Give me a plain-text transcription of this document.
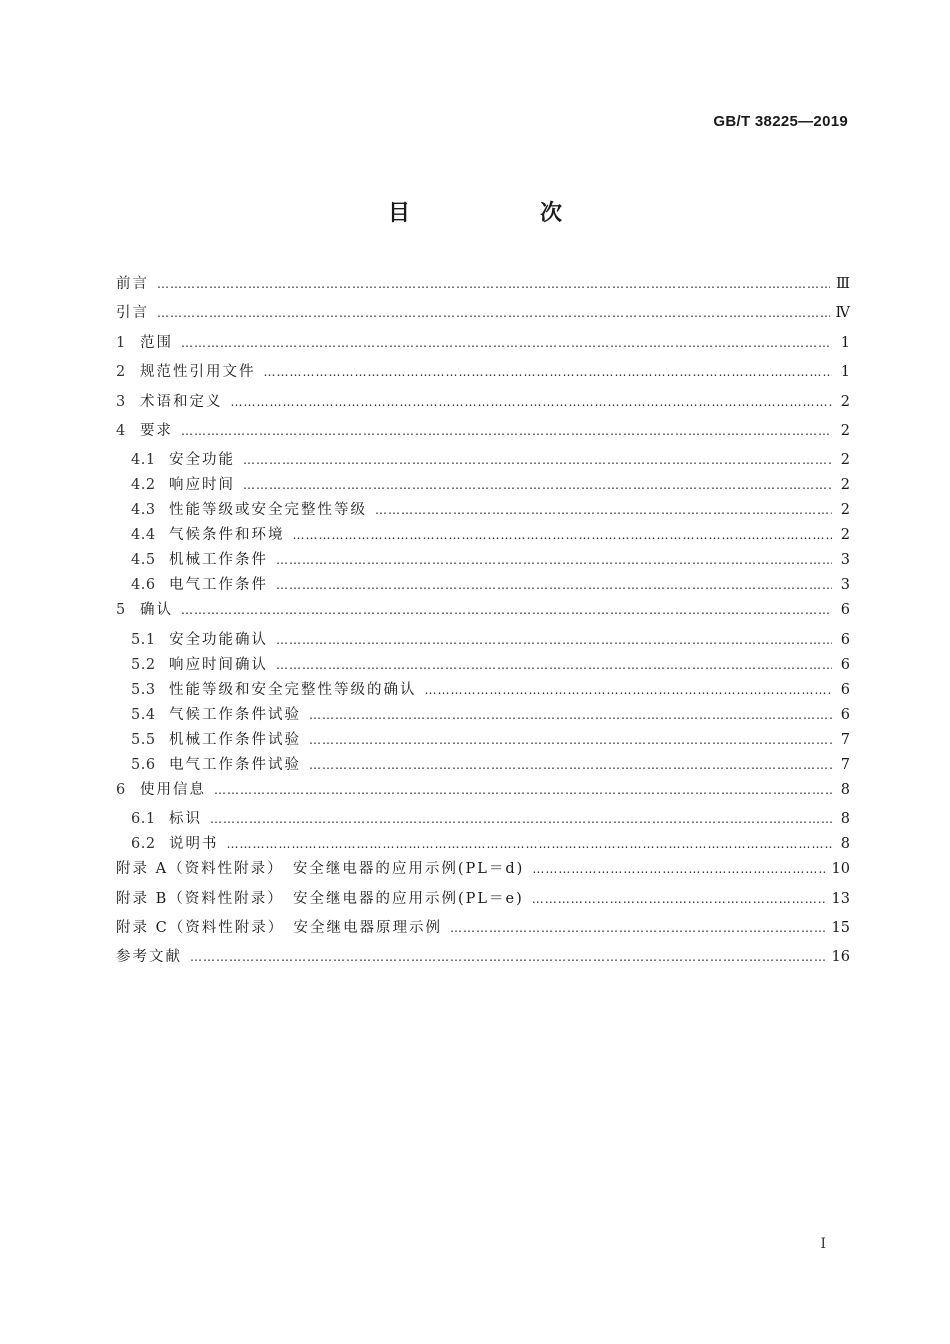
GB/T 38225—2019
目　次
前言 ……………………………………………………………………………………………………………………………………………………………………………………………………………………	Ⅲ
引言 ……………………………………………………………………………………………………………………………………………………………………………………………………………………	Ⅳ
1 范围 ……………………………………………………………………………………………………………………………………………………………………………………………………………………	1
2 规范性引用文件 ……………………………………………………………………………………………………………………………………………………………………………………………………………………	1
3 术语和定义 ……………………………………………………………………………………………………………………………………………………………………………………………………………………	2
4 要求 ……………………………………………………………………………………………………………………………………………………………………………………………………………………	2
4.1 安全功能 ……………………………………………………………………………………………………………………………………………………………………………………………………………………	2
4.2 响应时间 ……………………………………………………………………………………………………………………………………………………………………………………………………………………	2
4.3 性能等级或安全完整性等级 ……………………………………………………………………………………………………………………………………………………………………………………………………………………	2
4.4 气候条件和环境 ……………………………………………………………………………………………………………………………………………………………………………………………………………………	2
4.5 机械工作条件 ……………………………………………………………………………………………………………………………………………………………………………………………………………………	3
4.6 电气工作条件 ……………………………………………………………………………………………………………………………………………………………………………………………………………………	3
5 确认 ……………………………………………………………………………………………………………………………………………………………………………………………………………………	6
5.1 安全功能确认 ……………………………………………………………………………………………………………………………………………………………………………………………………………………	6
5.2 响应时间确认 ……………………………………………………………………………………………………………………………………………………………………………………………………………………	6
5.3 性能等级和安全完整性等级的确认 ……………………………………………………………………………………………………………………………………………………………………………………………………………………	6
5.4 气候工作条件试验 ……………………………………………………………………………………………………………………………………………………………………………………………………………………	6
5.5 机械工作条件试验 ……………………………………………………………………………………………………………………………………………………………………………………………………………………	7
5.6 电气工作条件试验 ……………………………………………………………………………………………………………………………………………………………………………………………………………………	7
6 使用信息 ……………………………………………………………………………………………………………………………………………………………………………………………………………………	8
6.1 标识 ……………………………………………………………………………………………………………………………………………………………………………………………………………………	8
6.2 说明书 ……………………………………………………………………………………………………………………………………………………………………………………………………………………	8
附录 A（资料性附录）　安全继电器的应用示例(PL＝d) ……………………………………………………………………………………………………………………………………………………………………………………………………………………	10
附录 B（资料性附录）　安全继电器的应用示例(PL＝e) ……………………………………………………………………………………………………………………………………………………………………………………………………………………	13
附录 C（资料性附录）　安全继电器原理示例 ……………………………………………………………………………………………………………………………………………………………………………………………………………………	15
参考文献 ……………………………………………………………………………………………………………………………………………………………………………………………………………………	16
Ⅰ
